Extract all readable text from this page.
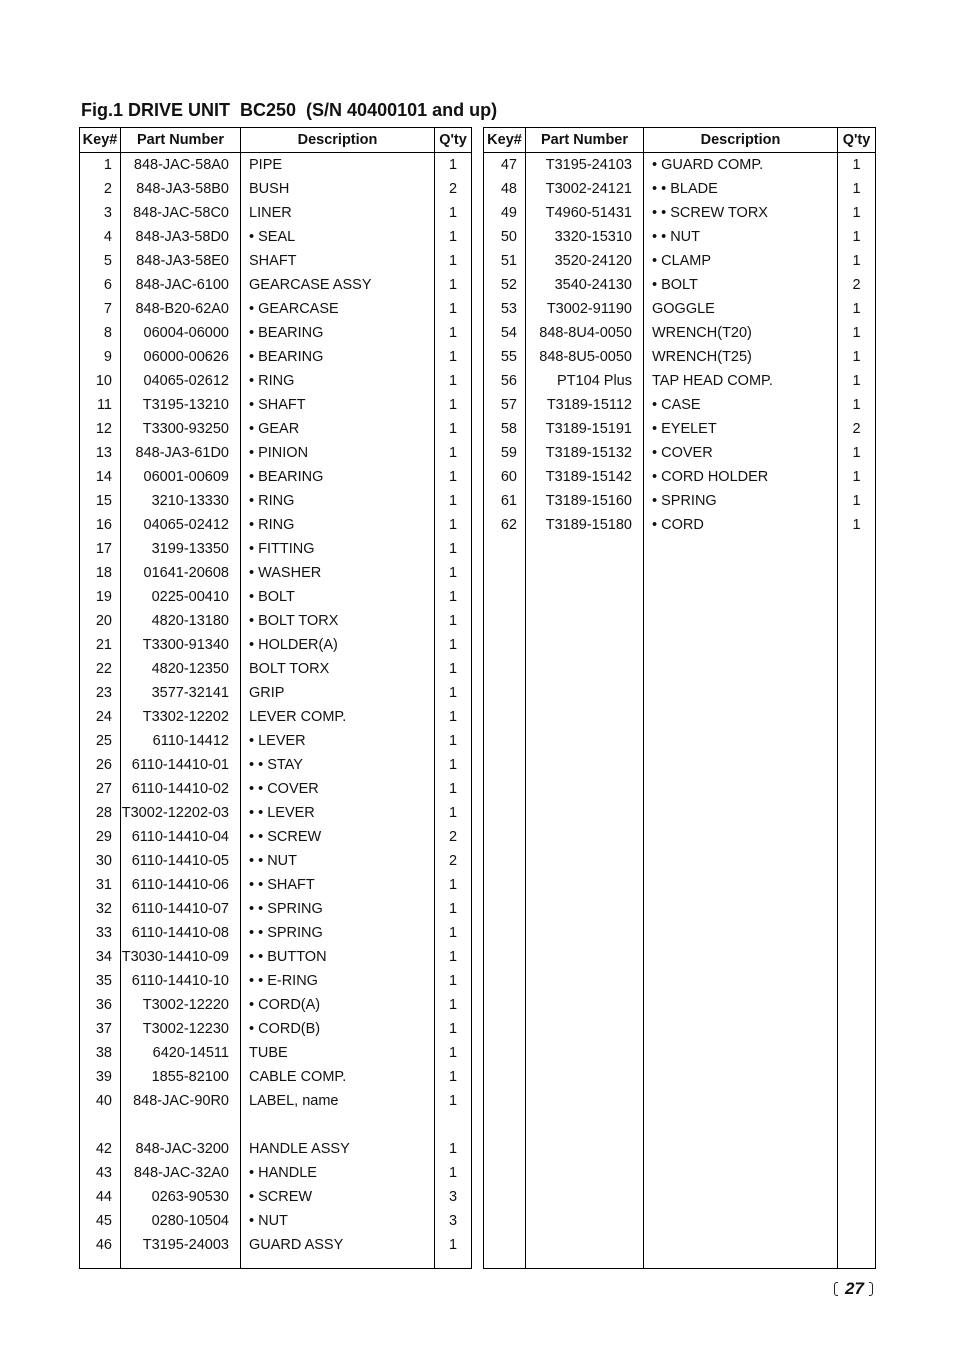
Fig.1 DRIVE UNIT  BC250  (S/N 40400101 and up)
Key#	Part Number	Description	Q'ty
1	848-JAC-58A0	PIPE	1
2	848-JA3-58B0	BUSH	2
3	848-JAC-58C0	LINER	1
4	848-JA3-58D0	• SEAL	1
5	848-JA3-58E0	SHAFT	1
6	848-JAC-6100	GEARCASE ASSY	1
7	848-B20-62A0	• GEARCASE	1
8	06004-06000	• BEARING	1
9	06000-00626	• BEARING	1
10	04065-02612	• RING	1
11	T3195-13210	• SHAFT	1
12	T3300-93250	• GEAR	1
13	848-JA3-61D0	• PINION	1
14	06001-00609	• BEARING	1
15	3210-13330	• RING	1
16	04065-02412	• RING	1
17	3199-13350	• FITTING	1
18	01641-20608	• WASHER	1
19	0225-00410	• BOLT	1
20	4820-13180	• BOLT TORX	1
21	T3300-91340	• HOLDER(A)	1
22	4820-12350	BOLT TORX	1
23	3577-32141	GRIP	1
24	T3302-12202	LEVER COMP.	1
25	6110-14412	• LEVER	1
26	6110-14410-01	• • STAY	1
27	6110-14410-02	• • COVER	1
28 T3002-12202-03	• • LEVER	1
29	6110-14410-04	• • SCREW	2
30	6110-14410-05	• • NUT	2
31	6110-14410-06	• • SHAFT	1
32	6110-14410-07	• • SPRING	1
33	6110-14410-08	• • SPRING	1
34 T3030-14410-09	• • BUTTON	1
35	6110-14410-10	• • E-RING	1
36	T3002-12220	• CORD(A)	1
37	T3002-12230	• CORD(B)	1
38	6420-14511	TUBE	1
39	1855-82100	CABLE COMP.	1
40	848-JAC-90R0	LABEL, name	1
42	848-JAC-3200	HANDLE ASSY	1
43	848-JAC-32A0	• HANDLE	1
44	0263-90530	• SCREW	3
45	0280-10504	• NUT	3
46	T3195-24003	GUARD ASSY	1
Key#	Part Number	Description	Q'ty
47	T3195-24103	• GUARD COMP.	1
48	T3002-24121	• • BLADE	1
49	T4960-51431	• • SCREW TORX	1
50	3320-15310	• • NUT	1
51	3520-24120	• CLAMP	1
52	3540-24130	• BOLT	2
53	T3002-91190	GOGGLE	1
54	848-8U4-0050	WRENCH(T20)	1
55	848-8U5-0050	WRENCH(T25)	1
56	PT104 Plus	TAP HEAD COMP.	1
57	T3189-15112	• CASE	1
58	T3189-15191	• EYELET	2
59	T3189-15132	• COVER	1
60	T3189-15142	• CORD HOLDER	1
61	T3189-15160	• SPRING	1
62	T3189-15180	• CORD	1
27
